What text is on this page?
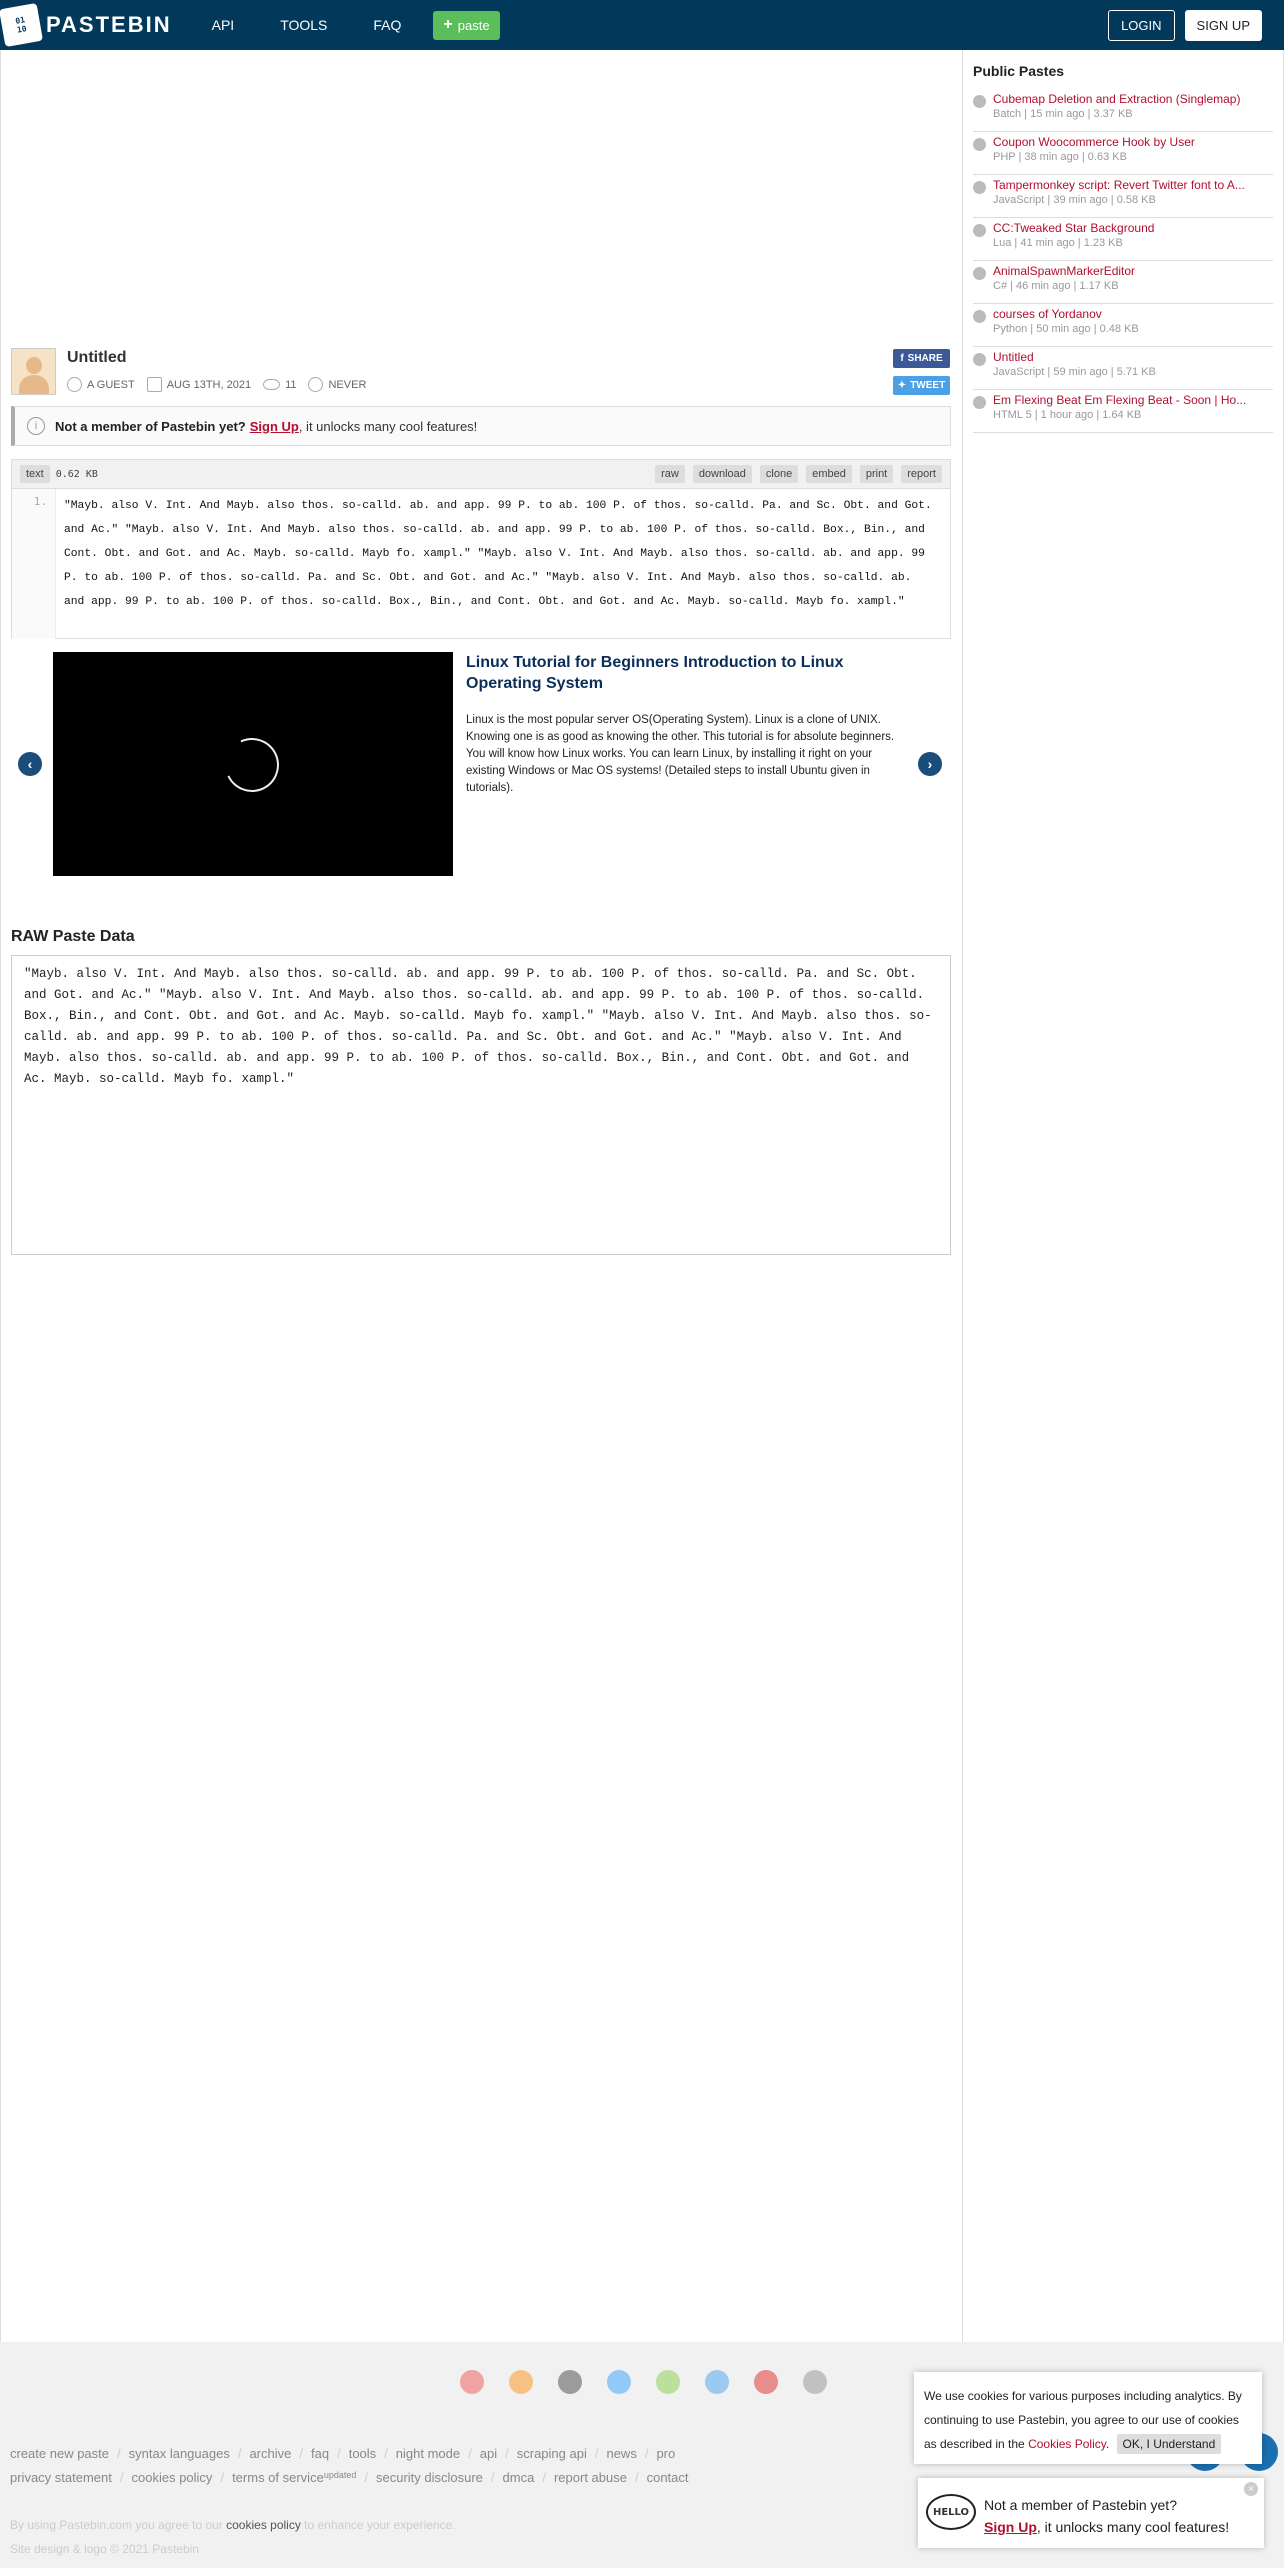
01
10 PASTEBIN	API	TOOLS	FAQ	+ paste	LOGIN	SIGN UP
Untitled
A GUEST	AUG 13TH, 2021	11	NEVER
f SHARE
✦ TWEET
i	Not a member of Pastebin yet? Sign Up , it unlocks many cool features!
text	0.62 KB	raw	download	clone	embed	print	report
1.	"Mayb. also V. Int. And Mayb. also thos. so-calld. ab. and app. 99 P. to ab. 100 P. of thos. so-calld. Pa. and Sc. Obt. and Got. and Ac." "Mayb. also V. Int. And Mayb. also thos. so-calld. ab. and app. 99 P. to ab. 100 P. of thos. so-calld. Box., Bin., and Cont. Obt. and Got. and Ac. Mayb. so-calld. Mayb fo. xampl." "Mayb. also V. Int. And Mayb. also thos. so-calld. ab. and app. 99 P. to ab. 100 P. of thos. so-calld. Pa. and Sc. Obt. and Got. and Ac." "Mayb. also V. Int. And Mayb. also thos. so-calld. ab. and app. 99 P. to ab. 100 P. of thos. so-calld. Box., Bin., and Cont. Obt. and Got. and Ac. Mayb. so-calld. Mayb fo. xampl."
‹
Linux Tutorial for Beginners Introduction to Linux Operating System
Linux is the most popular server OS(Operating System). Linux is a clone of UNIX. Knowing one is as good as knowing the other. This tutorial is for absolute beginners. You will know how Linux works. You can learn Linux, by installing it right on your existing Windows or Mac OS systems! (Detailed steps to install Ubuntu given in tutorials).
›
RAW Paste Data
"Mayb. also V. Int. And Mayb. also thos. so-calld. ab. and app. 99 P. to ab. 100 P. of thos. so-calld. Pa. and Sc. Obt. and Got. and Ac." "Mayb. also V. Int. And Mayb. also thos. so-calld. ab. and app. 99 P. to ab. 100 P. of thos. so-calld. Box., Bin., and Cont. Obt. and Got. and Ac. Mayb. so-calld. Mayb fo. xampl." "Mayb. also V. Int. And Mayb. also thos. so-calld. ab. and app. 99 P. to ab. 100 P. of thos. so-calld. Pa. and Sc. Obt. and Got. and Ac." "Mayb. also V. Int. And Mayb. also thos. so-calld. ab. and app. 99 P. to ab. 100 P. of thos. so-calld. Box., Bin., and Cont. Obt. and Got. and Ac. Mayb. so-calld. Mayb fo. xampl."
Public Pastes
Cubemap Deletion and Extraction (Singlemap)
Batch | 15 min ago | 3.37 KB
Coupon Woocommerce Hook by User
PHP | 38 min ago | 0.63 KB
Tampermonkey script: Revert Twitter font to A...
JavaScript | 39 min ago | 0.58 KB
CC:Tweaked Star Background
Lua | 41 min ago | 1.23 KB
AnimalSpawnMarkerEditor
C# | 46 min ago | 1.17 KB
courses of Yordanov
Python | 50 min ago | 0.48 KB
Untitled
JavaScript | 59 min ago | 5.71 KB
Em Flexing Beat Em Flexing Beat - Soon | Ho...
HTML 5 | 1 hour ago | 1.64 KB
create new paste / syntax languages / archive / faq / tools / night mode / api / scraping api / news / pro
privacy statement / cookies policy / terms of service updated / security disclosure / dmca / report abuse / contact
By using Pastebin.com you agree to our cookies policy to enhance your experience.
Site design & logo © 2021 Pastebin
We use cookies for various purposes including analytics. By continuing to use Pastebin, you agree to our use of cookies as described in the Cookies Policy. OK, I Understand
HELLO	Not a member of Pastebin yet?
Sign Up, it unlocks many cool features!
×
